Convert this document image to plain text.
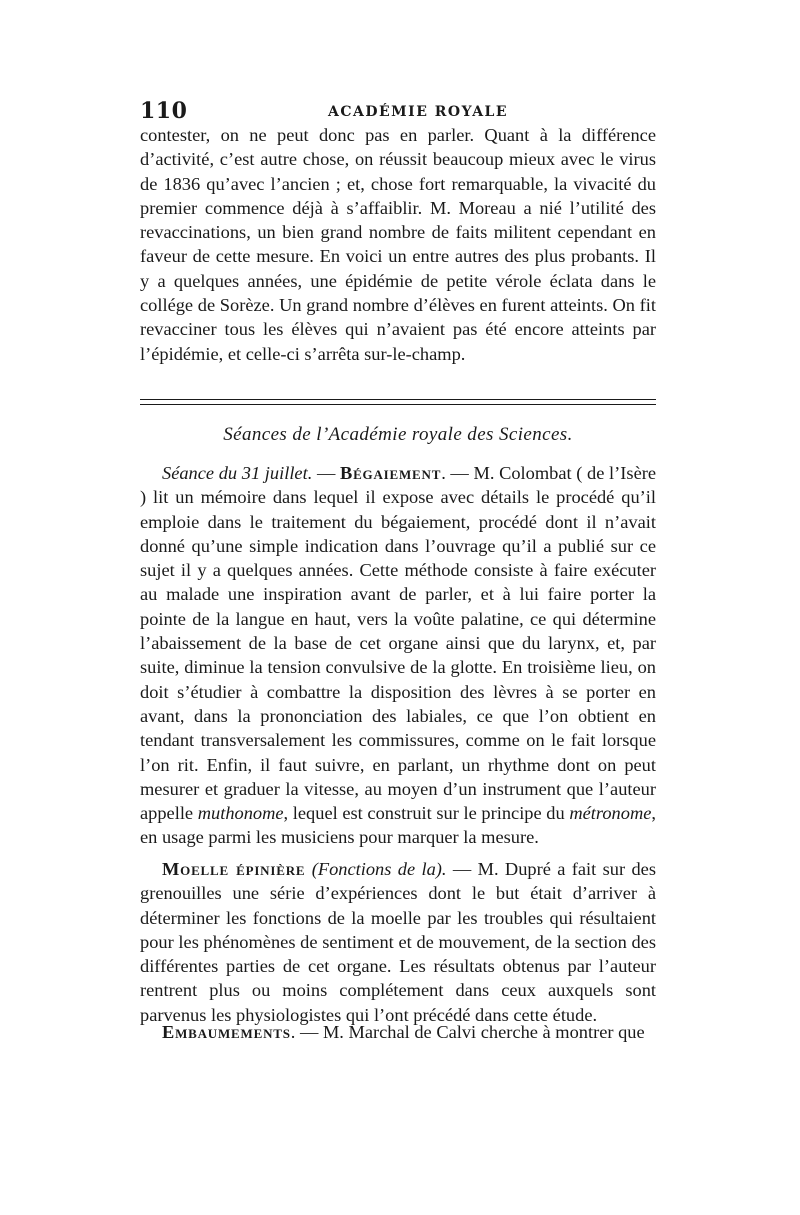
110	ACADÉMIE ROYALE

contester, on ne peut donc pas en parler. Quant à la différence d’activité, c’est autre chose, on réussit beaucoup mieux avec le virus de 1836 qu’avec l’ancien ; et, chose fort remarquable, la vivacité du premier commence déjà à s’affaiblir. M. Moreau a nié l’utilité des revaccinations, un bien grand nombre de faits militent cependant en faveur de cette mesure. En voici un entre autres des plus probants. Il y a quelques années, une épidémie de petite vérole éclata dans le collége de Sorèze. Un grand nombre d’élèves en furent atteints. On fit revacciner tous les élèves qui n’avaient pas été encore atteints par l’épidémie, et celle-ci s’arrêta sur-le-champ.

Séances de l’Académie royale des Sciences.

Séance du 31 juillet. — Bégaiement. — M. Colombat ( de l’Isère ) lit un mémoire dans lequel il expose avec détails le procédé qu’il emploie dans le traitement du bégaiement, procédé dont il n’avait donné qu’une simple indication dans l’ouvrage qu’il a publié sur ce sujet il y a quelques années. Cette méthode consiste à faire exécuter au malade une inspiration avant de parler, et à lui faire porter la pointe de la langue en haut, vers la voûte palatine, ce qui détermine l’abaissement de la base de cet organe ainsi que du larynx, et, par suite, diminue la tension convulsive de la glotte. En troisième lieu, on doit s’étudier à combattre la disposition des lèvres à se porter en avant, dans la prononciation des labiales, ce que l’on obtient en tendant transversalement les commissures, comme on le fait lorsque l’on rit. Enfin, il faut suivre, en parlant, un rhythme dont on peut mesurer et graduer la vitesse, au moyen d’un instrument que l’auteur appelle muthonome, lequel est construit sur le principe du métronome, en usage parmi les musiciens pour marquer la mesure.

Moelle épinière (Fonctions de la). — M. Dupré a fait sur des grenouilles une série d’expériences dont le but était d’arriver à déterminer les fonctions de la moelle par les troubles qui résultaient pour les phénomènes de sentiment et de mouvement, de la section des différentes parties de cet organe. Les résultats obtenus par l’auteur rentrent plus ou moins complétement dans ceux auxquels sont parvenus les physiologistes qui l’ont précédé dans cette étude.

Embaumements. — M. Marchal de Calvi cherche à montrer que
